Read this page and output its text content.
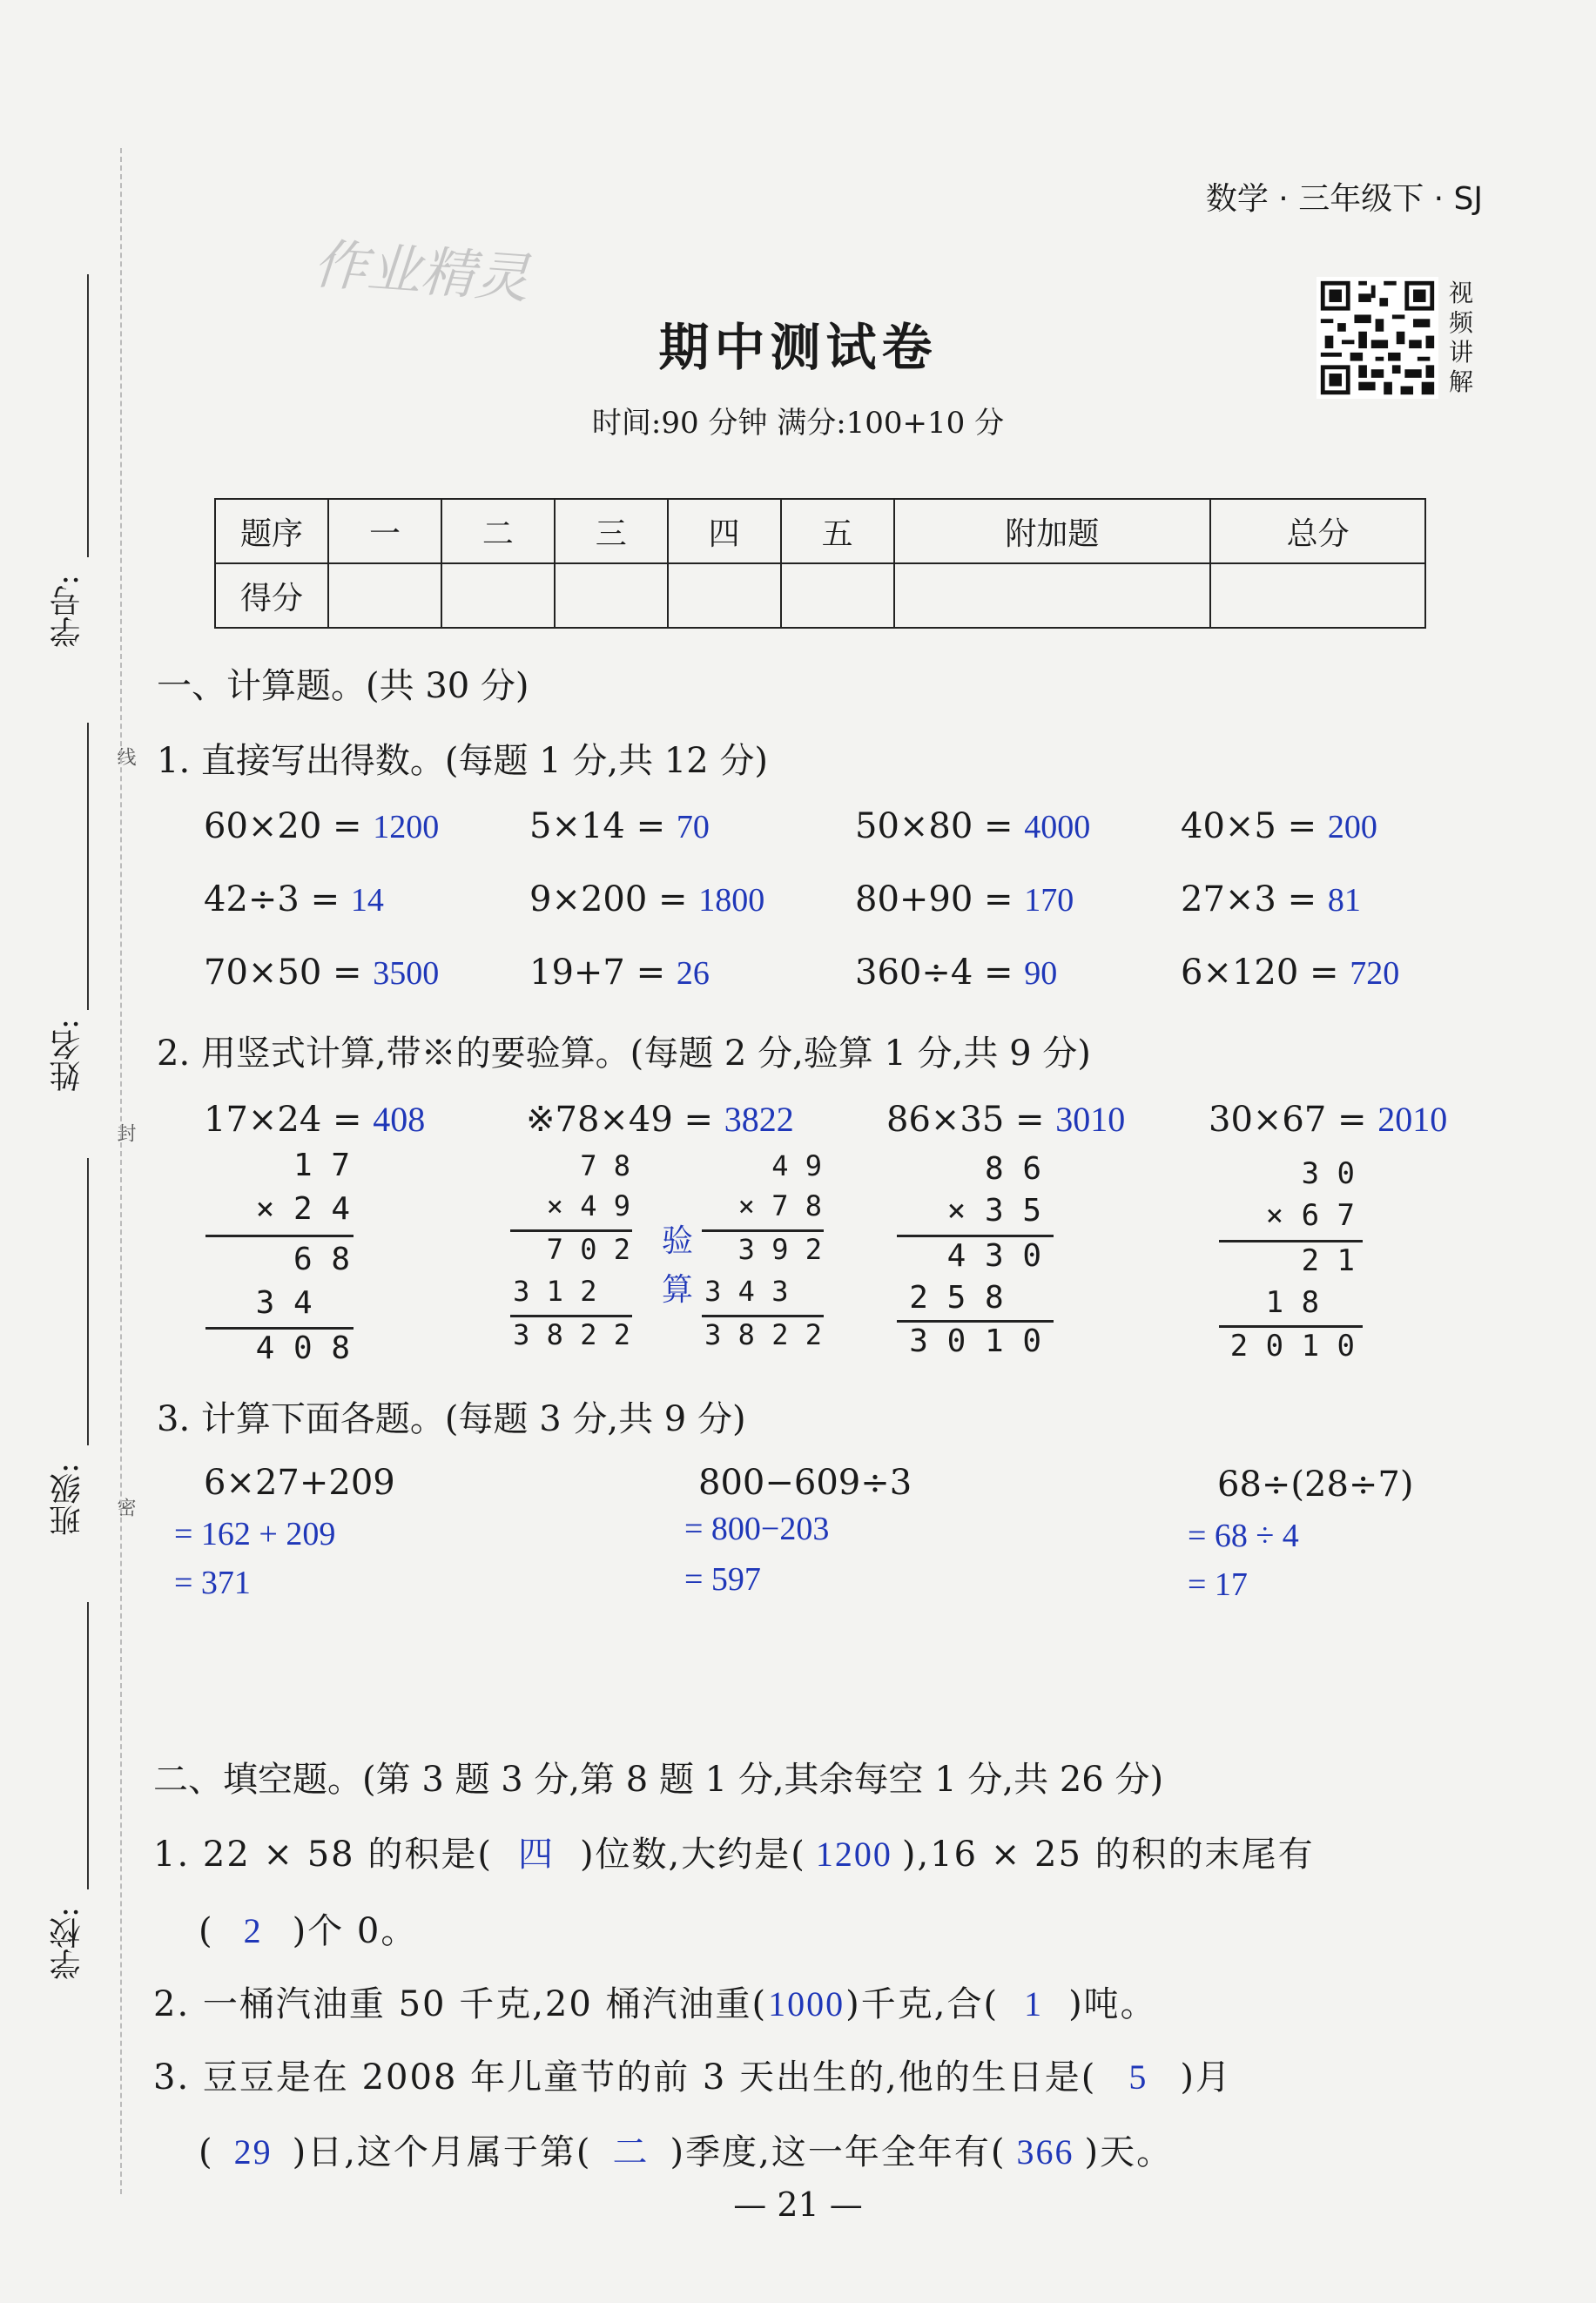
数学 · 三年级下 · SJ
作业精灵
期中测试卷
时间:90 分钟 满分:100+10 分
视频讲解
题序	一	二	三	四	五	附加题	总分
得分							
学号:
姓名:
班级:
学校:
线
封
密
一、计算题。(共 30 分)
1. 直接写出得数。(每题 1 分,共 12 分)
60×20 = 1200	5×14 = 70	50×80 = 4000	40×5 = 200
42÷3 = 14	9×200 = 1800	80+90 = 170	27×3 = 81
70×50 = 3500	19+7 = 26	360÷4 = 90	6×120 = 720
2. 用竖式计算,带※的要验算。(每题 2 分,验算 1 分,共 9 分)
17×24 = 408	※78×49 = 3822	86×35 = 3010 30×67 = 2010
1 7
× 2 4
6 8
3 4
4 0 8
7 8
× 4 9
7 0 2
3 1 2
3 8 2 2
验算
4 9
× 7 8
3 9 2
3 4 3
3 8 2 2
8 6
× 3 5
4 3 0
2 5 8
3 0 1 0
3 0
× 6 7
2 1
1 8
2 0 1 0
3. 计算下面各题。(每题 3 分,共 9 分)
6×27+209
= 162 + 209
= 371
800−609÷3
= 800−203
= 597
68÷(28÷7)
= 68 ÷ 4
= 17
二、填空题。(第 3 题 3 分,第 8 题 1 分,其余每空 1 分,共 26 分)
1. 22 × 58 的积是( 四 )位数,大约是( 1200 ),16 × 25 的积的末尾有
( 2 )个 0。
2. 一桶汽油重 50 千克,20 桶汽油重(1000)千克,合( 1 )吨。
3. 豆豆是在 2008 年儿童节的前 3 天出生的,他的生日是( 5 )月
( 29 )日,这个月属于第( 二 )季度,这一年全年有( 366 )天。
— 21 —
